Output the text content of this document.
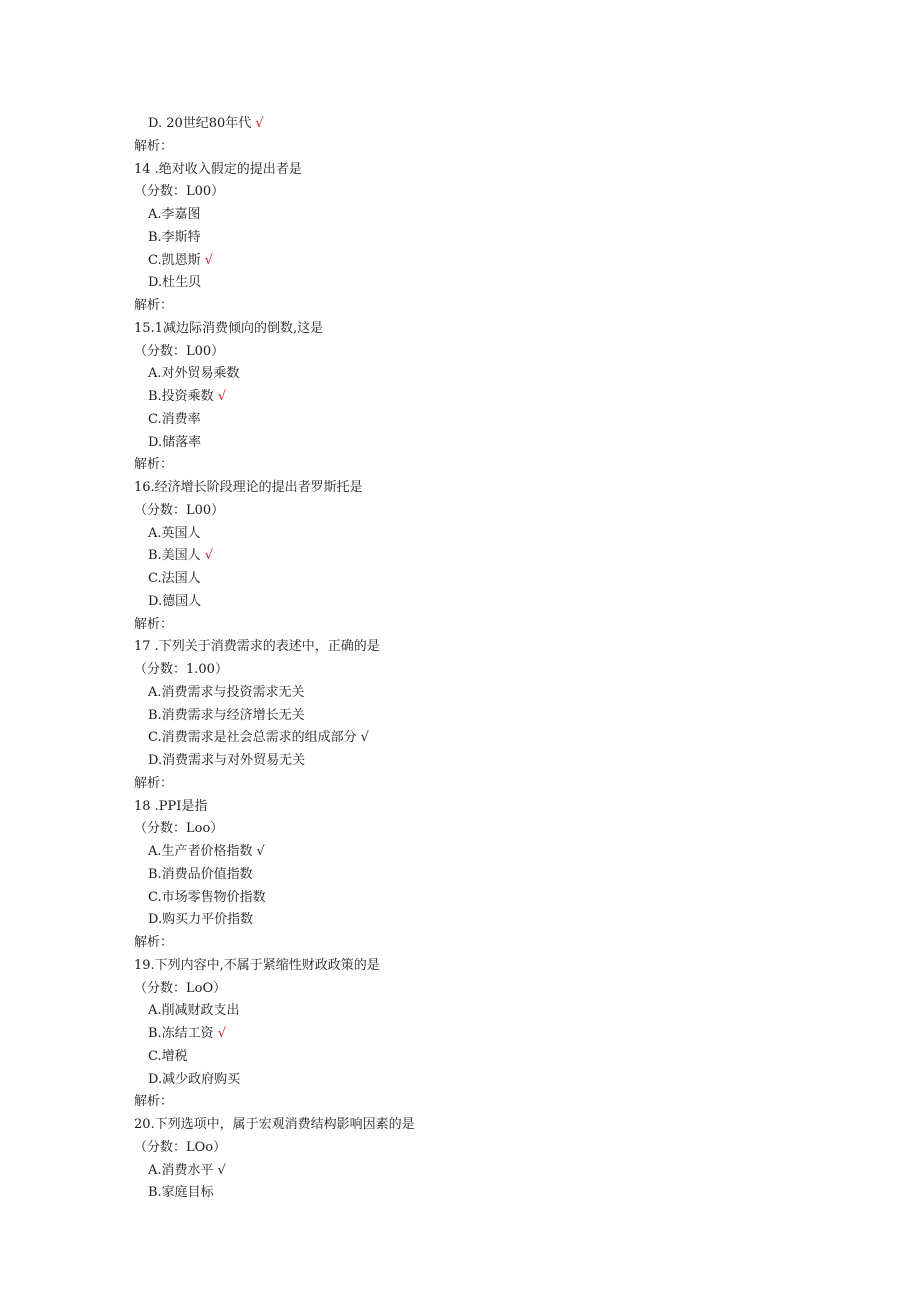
D. 20世纪80年代 √
解析：
14 .绝对收入假定的提出者是
（分数：L00）
A.李嘉图
B.李斯特
C.凯恩斯 √
D.杜生贝
解析：
15.1减边际消费倾向的倒数,这是
（分数：L00）
A.对外贸易乘数
B.投资乘数 √
C.消费率
D.储落率
解析：
16.经济增长阶段理论的提出者罗斯托是
（分数：L00）
A.英国人
B.美国人 √
C.法国人
D.德国人
解析：
17 .下列关于消费需求的表述中，正确的是
（分数：1.00）
A.消费需求与投资需求无关
B.消费需求与经济增长无关
C.消费需求是社会总需求的组成部分 √
D.消费需求与对外贸易无关
解析：
18 .PPI是指
（分数：Loo）
A.生产者价格指数 √
B.消费品价值指数
C.市场零售物价指数
D.购买力平价指数
解析：
19.下列内容中,不属于紧缩性财政政策的是
（分数：LoO）
A.削减财政支出
B.冻结工资 √
C.增税
D.减少政府购买
解析：
20.下列选项中，属于宏观消费结构影响因素的是
（分数：LOo）
A.消费水平 √
B.家庭目标
